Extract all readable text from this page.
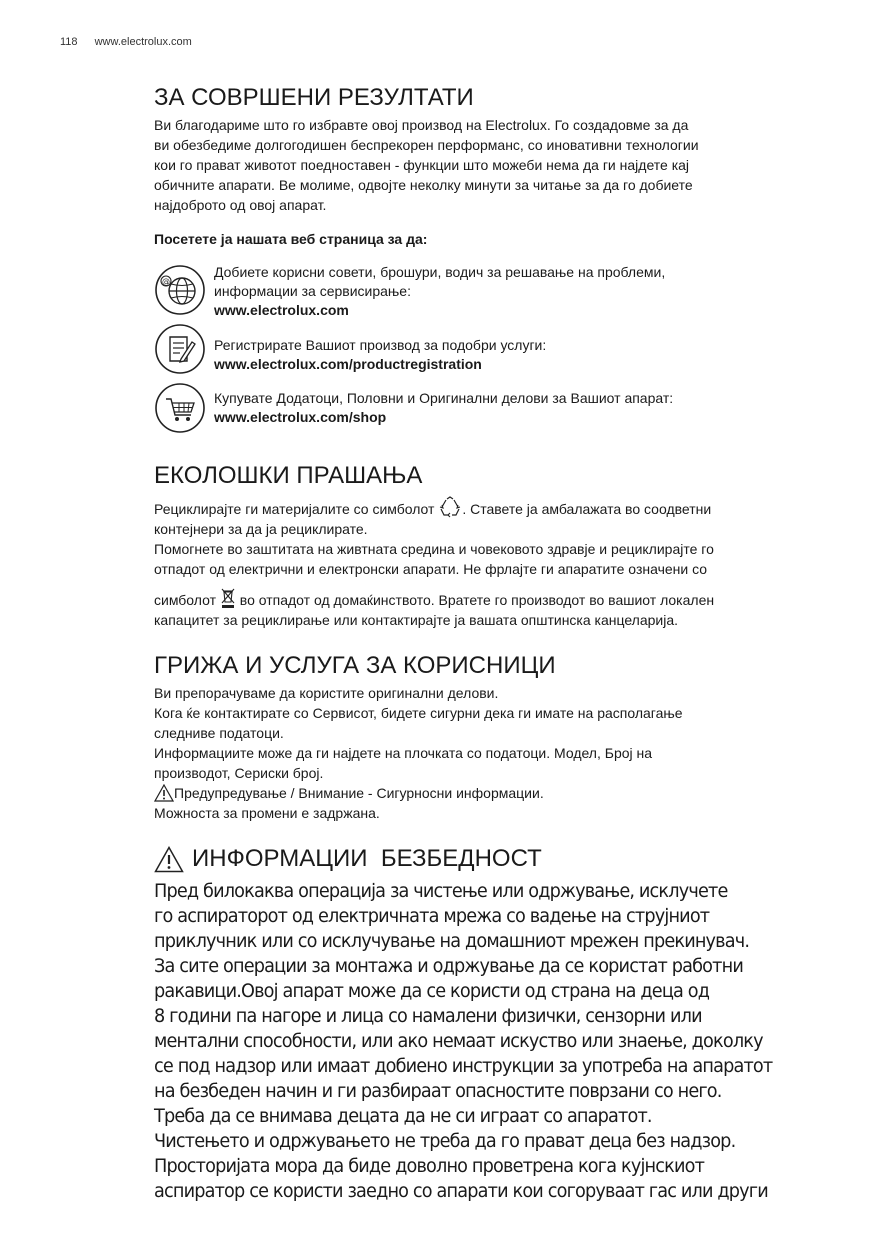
118 www.electrolux.com
ЗА СОВРШЕНИ РЕЗУЛТАТИ

Ви благодариме што го избравте овој производ на Electrolux. Го создадовме за да
ви обезбедиме долгогодишен беспрекорен перформанс, со иновативни технологии
кои го прават животот поедноставен - функции што можеби нема да ги најдете кај
обичните апарати. Ве молиме, одвојте неколку минути за читање за да го добиете
најдоброто од овој апарат.

Посетете ја нашата веб страница за да:

@
Добиете корисни совети, брошури, водич за решавање на проблеми,
информации за сервисирање:
www.electrolux.com
Регистрирате Вашиот производ за подобри услуги:
www.electrolux.com/productregistration
Купувате Додатоци, Половни и Оригинални делови за Вашиот апарат:
www.electrolux.com/shop
ЕКОЛОШКИ ПРАШАЊА

Рециклирајте ги материјалите со симболот . Ставете ја амбалажата во соодветни
контејнери за да ја рециклирате.
Помогнете во заштитата на живтната средина и човековото здравје и рециклирајте го
отпадот од електрични и електронски апарати. Не фрлајте ги апаратите означени со
симболот во отпадот од домаќинството. Вратете го производот во вашиот локален
капацитет за рециклирање или контактирајте ја вашата општинска канцеларија.

ГРИЖА И УСЛУГА ЗА КОРИСНИЦИ

Ви препорачуваме да користите оригинални делови.
Кога ќе контактирате со Сервисот, бидете сигурни дека ги имате на располагање
следниве податоци.
Информациите може да ги најдете на плочката со податоци. Модел, Број на
производот, Сериски број.
Предупредување / Внимание - Сигурносни информации.
Можноста за промени е задржана.

ИНФОРМАЦИИ  БЕЗБЕДНОСТ

Пред билокаква операција за чистење или одржување, исклучете
го аспираторот од електричната мрежа со вадење на струјниот
приклучник или со исклучување на домашниот мрежен прекинувач.
За сите операции за монтажа и одржување да се користат работни
ракавици.Овој апарат може да се користи од страна на деца од
8 години па нагоре и лица со намалени физички, сензорни или
ментални способности, или ако немаат искуство или знаење, доколку
се под надзор или имаат добиено инструкции за употреба на апаратот
на безбеден начин и ги разбираат опасностите поврзани со него.
Треба да се внимава децата да не си играат со апаратот.
Чистењето и одржувањето не треба да го прават деца без надзор.
Просторијата мора да биде доволно проветрена кога кујнскиот
аспиратор се користи заедно со апарати кои согоруваат гас или други
